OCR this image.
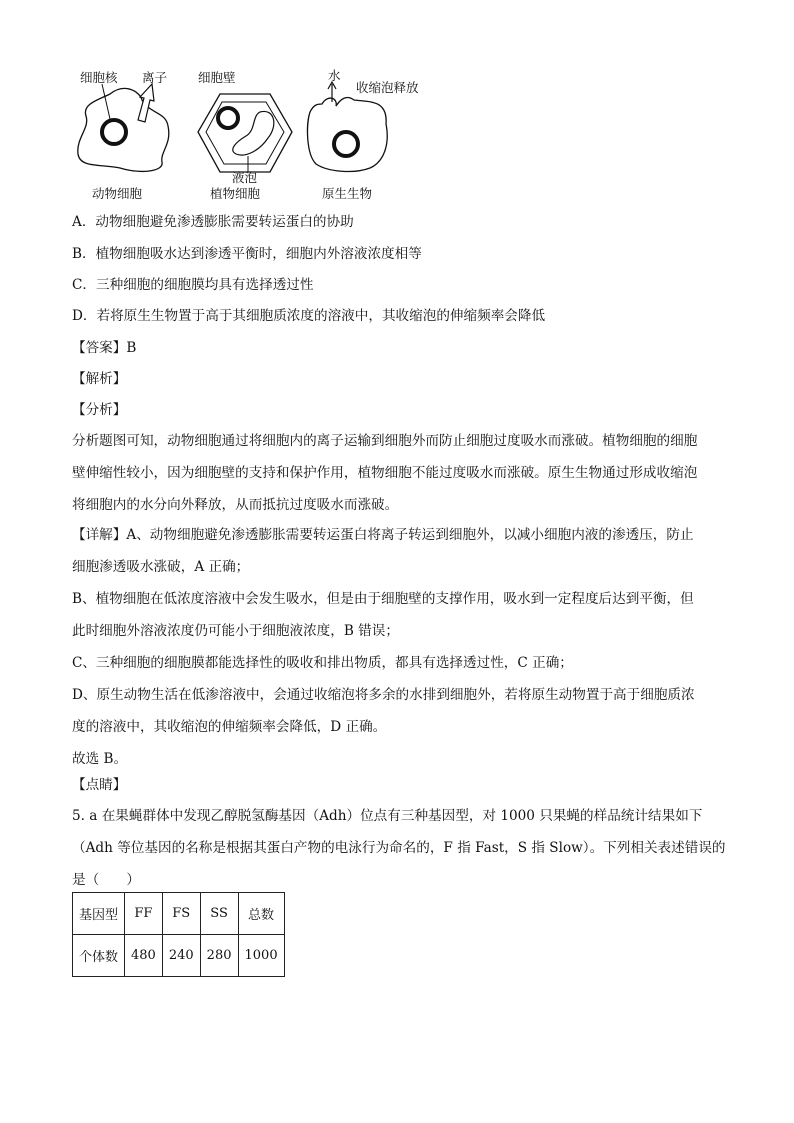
细胞核 离子 细胞壁	水
收缩泡释放
液泡
动物细胞	植物细胞	原生生物
A．动物细胞避免渗透膨胀需要转运蛋白的协助
B．植物细胞吸水达到渗透平衡时，细胞内外溶液浓度相等
C．三种细胞的细胞膜均具有选择透过性
D．若将原生生物置于高于其细胞质浓度的溶液中，其收缩泡的伸缩频率会降低
【答案】B
【解析】
【分析】
分析题图可知，动物细胞通过将细胞内的离子运输到细胞外而防止细胞过度吸水而涨破。植物细胞的细胞
壁伸缩性较小，因为细胞壁的支持和保护作用，植物细胞不能过度吸水而涨破。原生生物通过形成收缩泡
将细胞内的水分向外释放，从而抵抗过度吸水而涨破。
【详解】A、动物细胞避免渗透膨胀需要转运蛋白将离子转运到细胞外，以减小细胞内液的渗透压，防止
细胞渗透吸水涨破，A 正确；
B、植物细胞在低浓度溶液中会发生吸水，但是由于细胞壁的支撑作用，吸水到一定程度后达到平衡，但
此时细胞外溶液浓度仍可能小于细胞液浓度，B 错误；
C、三种细胞的细胞膜都能选择性的吸收和排出物质，都具有选择透过性，C 正确；
D、原生动物生活在低渗溶液中，会通过收缩泡将多余的水排到细胞外，若将原生动物置于高于细胞质浓
度的溶液中，其收缩泡的伸缩频率会降低，D 正确。
故选 B。
【点睛】
5. a 在果蝇群体中发现乙醇脱氢酶基因（Adh）位点有三种基因型，对 1000 只果蝇的样品统计结果如下
（Adh 等位基因的名称是根据其蛋白产物的电泳行为命名的，F 指 Fast，S 指 Slow）。下列相关表述错误的
是（　　）
基因型	FF	FS	SS	总数
个体数	480	240	280	1000
